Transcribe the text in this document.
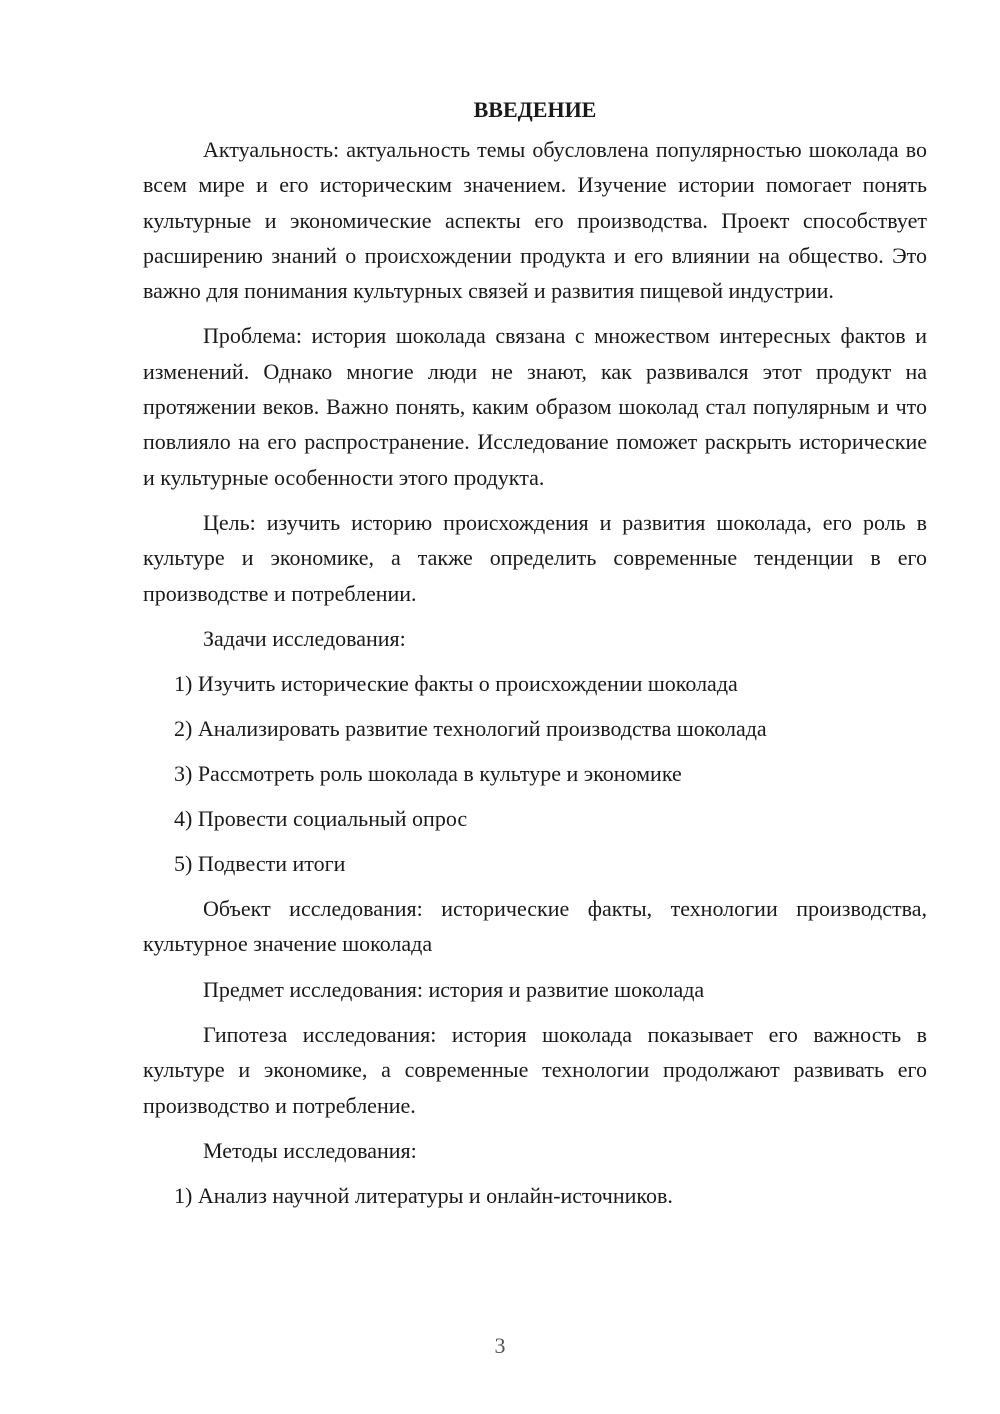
ВВЕДЕНИЕ

Актуальность: актуальность темы обусловлена популярностью шоколада во всем мире и его историческим значением. Изучение истории помогает понять культурные и экономические аспекты его производства. Проект способствует расширению знаний о происхождении продукта и его влиянии на общество. Это важно для понимания культурных связей и развития пищевой индустрии.

Проблема: история шоколада связана с множеством интересных фактов и изменений. Однако многие люди не знают, как развивался этот продукт на протяжении веков. Важно понять, каким образом шоколад стал популярным и что повлияло на его распространение. Исследование поможет раскрыть исторические и культурные особенности этого продукта.

Цель: изучить историю происхождения и развития шоколада, его роль в культуре и экономике, а также определить современные тенденции в его производстве и потреблении.

Задачи исследования:

1) Изучить исторические факты о происхождении шоколада
2) Анализировать развитие технологий производства шоколада
3) Рассмотреть роль шоколада в культуре и экономике
4) Провести социальный опрос
5) Подвести итоги

Объект исследования: исторические факты, технологии производства, культурное значение шоколада

Предмет исследования: история и развитие шоколада

Гипотеза исследования: история шоколада показывает его важность в культуре и экономике, а современные технологии продолжают развивать его производство и потребление.

Методы исследования:

1) Анализ научной литературы и онлайн-источников.
3
